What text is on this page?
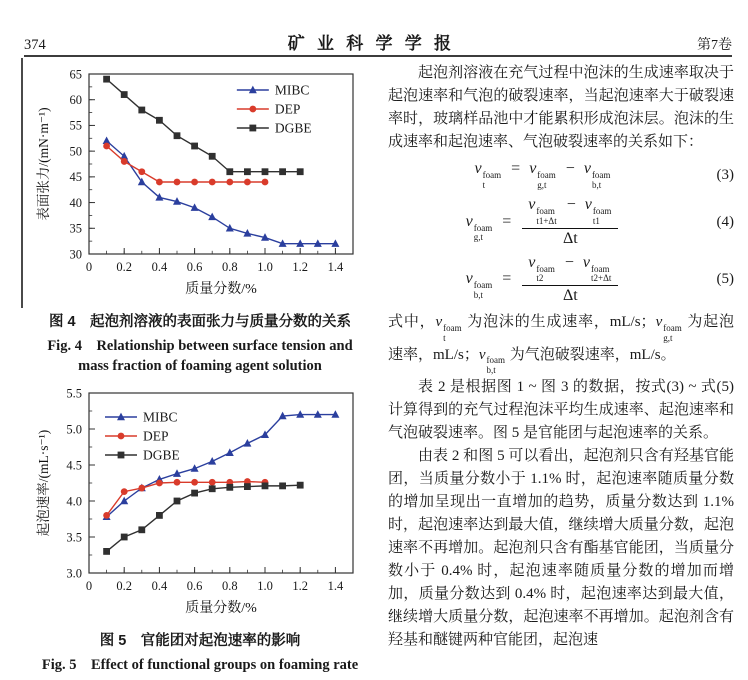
374	矿 业 科 学 学 报	第7卷
0 0.2 0.4 0.6 0.8 1.0 1.2 1.4
30
35
40
45
50
55
60
65
质量分数/%
表面张力/(mN·m⁻¹)
MIBC
DEP
DGBE
图 4　起泡剂溶液的表面张力与质量分数的关系
Fig. 4　Relationship between surface tension and
mass fraction of foaming agent solution
0 0.2 0.4 0.6 0.8 1.0 1.2 1.4
3.0
3.5
4.0
4.5
5.0
5.5
质量分数/%
起泡速率/(mL·s⁻¹)
MIBC
DEP
DGBE
图 5　官能团对起泡速率的影响
Fig. 5　Effect of functional groups on foaming rate

起泡剂溶液在充气过程中泡沫的生成速率取决于起泡速率和气泡的破裂速率，当起泡速率大于破裂速率时，玻璃样品池中才能累积形成泡沫层。泡沫的生成速率和起泡速率、气泡破裂速率的关系如下：

v foam
t
= v foam
g,t
− v foam
b,t
(3)
v foam
g,t
= v foam
t1+Δt
− v foam
t1
Δt	(4)
v foam
b,t
= v foam
t2
− v foam
t2+Δt
Δt	(5)

式中，v foam
t
为泡沫的生成速率，mL/s；v foam
g,t
为起泡速率，mL/s；v foam
b,t
为气泡破裂速率，mL/s。

表 2 是根据图 1 ~ 图 3 的数据，按式(3) ~ 式(5)计算得到的充气过程泡沫平均生成速率、起泡速率和气泡破裂速率。图 5 是官能团与起泡速率的关系。

由表 2 和图 5 可以看出，起泡剂只含有羟基官能团，当质量分数小于 1.1% 时，起泡速率随质量分数的增加呈现出一直增加的趋势，质量分数达到 1.1% 时，起泡速率达到最大值，继续增大质量分数，起泡速率不再增加。起泡剂只含有酯基官能团，当质量分数小于 0.4% 时，起泡速率随质量分数的增加而增加，质量分数达到 0.4% 时，起泡速率达到最大值，继续增大质量分数，起泡速率不再增加。起泡剂含有羟基和醚键两种官能团，起泡速
